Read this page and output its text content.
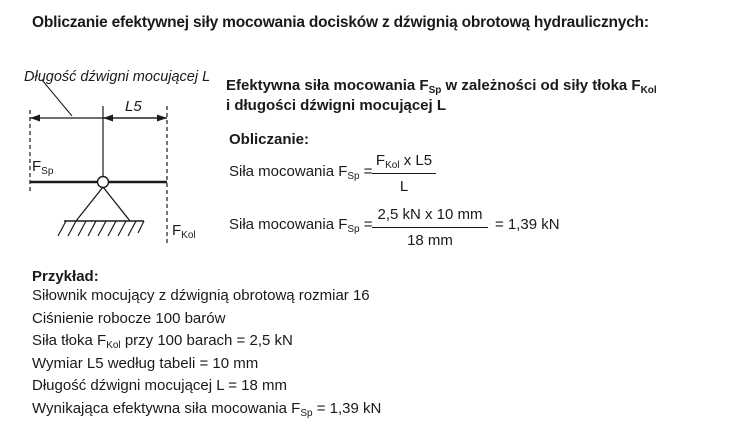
Obliczanie efektywnej siły mocowania docisków z dźwignią obrotową hydraulicznych:
Długość dźwigni mocującej L
L5
$F_{Sp}$
$F_{Kol}$
Efektywna siła mocowania $F_{Sp}$ w zależności od siły tłoka $F_{Kol}$
i długości dźwigni mocującej L
Obliczanie:
Siła mocowania $F_{Sp}$ =
$F_{Kol}$ x L5
L
Siła mocowania $F_{Sp}$ =
2,5 kN x 10 mm
18 mm
= 1,39 kN
Przykład:
Siłownik mocujący z dźwignią obrotową rozmiar 16
Ciśnienie robocze 100 barów
Siła tłoka $F_{Kol}$ przy 100 barach = 2,5 kN
Wymiar L5 według tabeli = 10 mm
Długość dźwigni mocującej L = 18 mm
Wynikająca efektywna siła mocowania $F_{Sp} = 1,39$ kN
